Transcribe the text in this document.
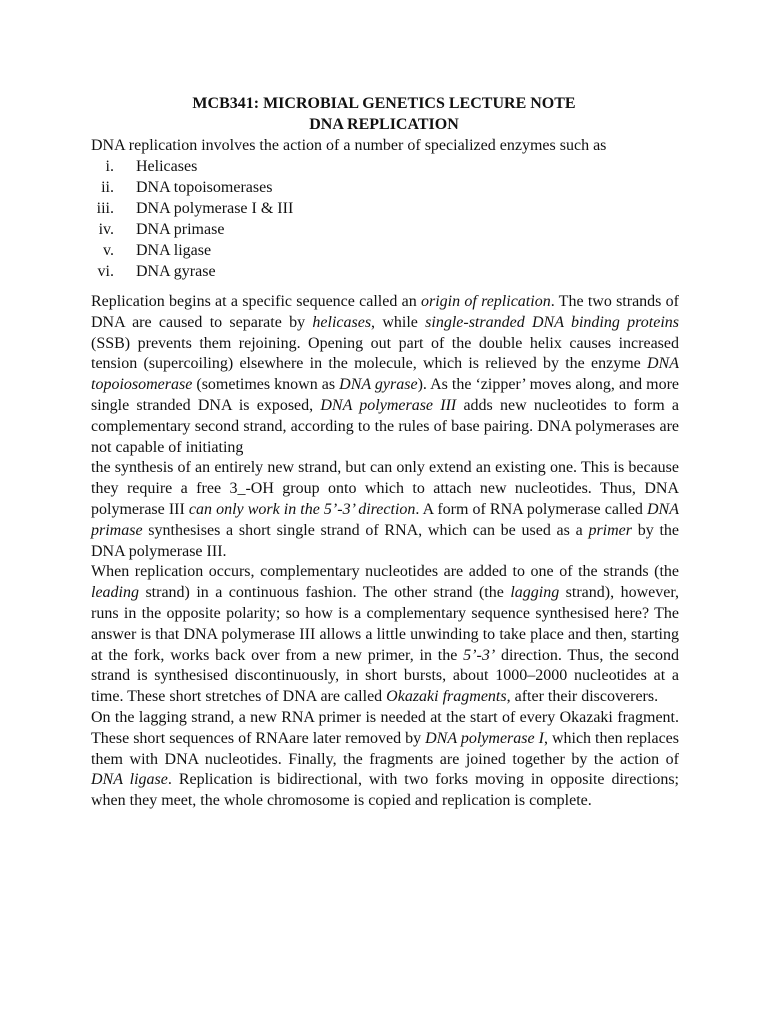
MCB341: MICROBIAL GENETICS LECTURE NOTE
DNA REPLICATION
DNA replication involves the action of a number of specialized enzymes such as
i. Helicases
ii. DNA topoisomerases
iii. DNA polymerase I & III
iv. DNA primase
v. DNA ligase
vi. DNA gyrase

Replication begins at a specific sequence called an origin of replication. The two strands of DNA are caused to separate by helicases, while single-stranded DNA binding proteins (SSB) prevents them rejoining. Opening out part of the double helix causes increased tension (supercoiling) elsewhere in the molecule, which is relieved by the enzyme DNA topoiosomerase (sometimes known as DNA gyrase). As the ‘zipper’ moves along, and more single stranded DNA is exposed, DNA polymerase III adds new nucleotides to form a complementary second strand, according to the rules of base pairing. DNA polymerases are not capable of initiating

the synthesis of an entirely new strand, but can only extend an existing one. This is because they require a free 3_-OH group onto which to attach new nucleotides. Thus, DNA polymerase III can only work in the 5’-3’ direction. A form of RNA polymerase called DNA primase synthesises a short single strand of RNA, which can be used as a primer by the DNA polymerase III.

When replication occurs, complementary nucleotides are added to one of the strands (the leading strand) in a continuous fashion. The other strand (the lagging strand), however, runs in the opposite polarity; so how is a complementary sequence synthesised here? The answer is that DNA polymerase III allows a little unwinding to take place and then, starting at the fork, works back over from a new primer, in the 5’-3’ direction. Thus, the second strand is synthesised discontinuously, in short bursts, about 1000–2000 nucleotides at a time. These short stretches of DNA are called Okazaki fragments, after their discoverers.

On the lagging strand, a new RNA primer is needed at the start of every Okazaki fragment. These short sequences of RNAare later removed by DNA polymerase I, which then replaces them with DNA nucleotides. Finally, the fragments are joined together by the action of DNA ligase. Replication is bidirectional, with two forks moving in opposite directions; when they meet, the whole chromosome is copied and replication is complete.
